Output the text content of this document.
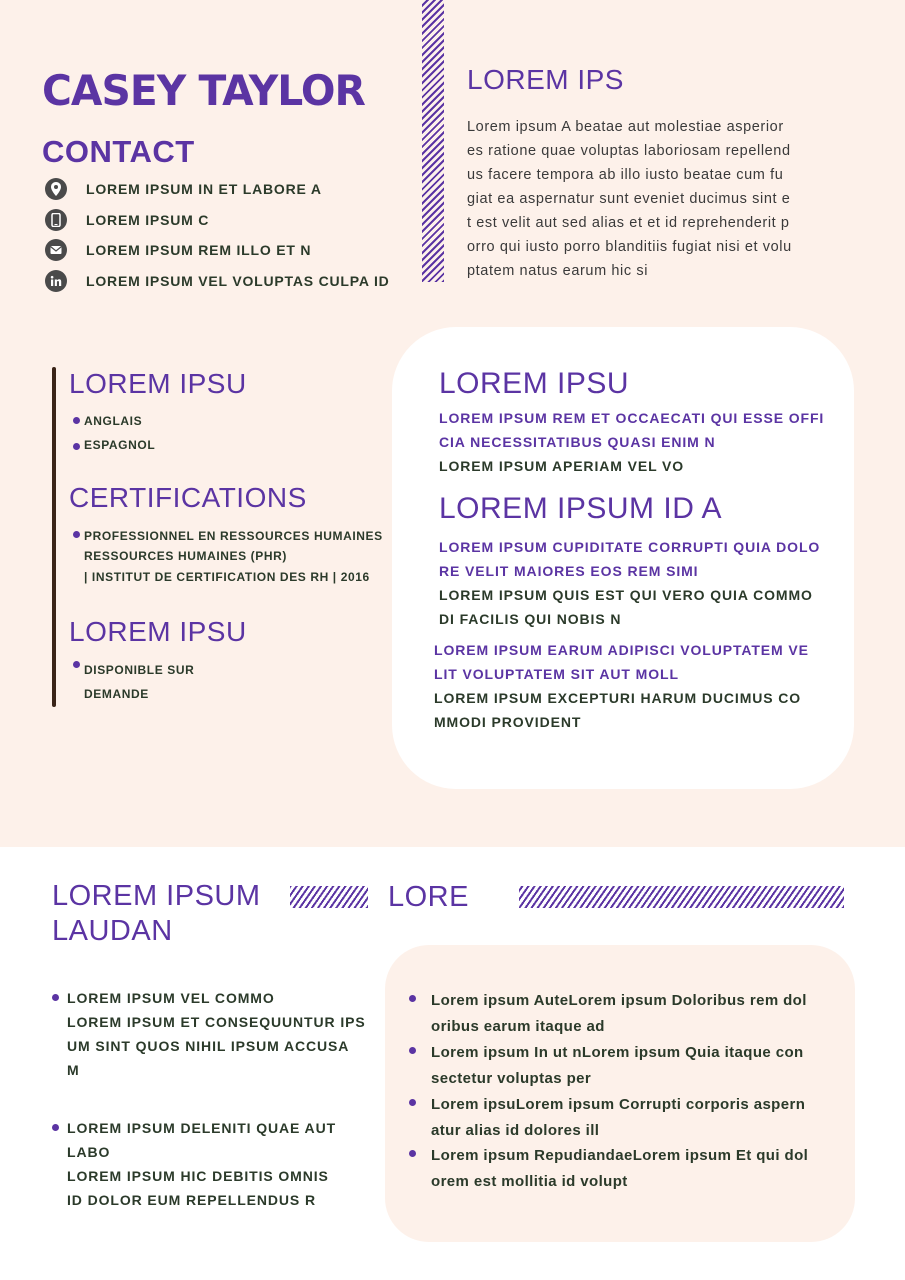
CASEY TAYLOR
CONTACT
LOREM IPSUM IN ET LABORE A
LOREM IPSUM C
LOREM IPSUM REM ILLO ET N
LOREM IPSUM VEL VOLUPTAS CULPA ID
LOREM IPS
Lorem ipsum A beatae aut molestiae asperior
es ratione quae voluptas laboriosam repellend
us facere tempora ab illo iusto beatae cum fu
giat ea aspernatur sunt eveniet ducimus sint e
t est velit aut sed alias et et id reprehenderit p
orro qui iusto porro blanditiis fugiat nisi et volu
ptatem natus earum hic si
LOREM IPSU
ANGLAIS
ESPAGNOL
CERTIFICATIONS
PROFESSIONNEL EN RESSOURCES HUMAINES
RESSOURCES HUMAINES (PHR)
| INSTITUT DE CERTIFICATION DES RH | 2016
LOREM IPSU
DISPONIBLE SUR
DEMANDE
LOREM IPSU
LOREM IPSUM REM ET OCCAECATI QUI ESSE OFFI
CIA NECESSITATIBUS QUASI ENIM N
LOREM IPSUM APERIAM VEL VO
LOREM IPSUM ID A
LOREM IPSUM CUPIDITATE CORRUPTI QUIA DOLO
RE VELIT MAIORES EOS REM SIMI
LOREM IPSUM QUIS EST QUI VERO QUIA COMMO
DI FACILIS QUI NOBIS N
LOREM IPSUM EARUM ADIPISCI VOLUPTATEM VE
LIT VOLUPTATEM SIT AUT MOLL
LOREM IPSUM EXCEPTURI HARUM DUCIMUS CO
MMODI PROVIDENT
LOREM IPSUM
LAUDAN
LORE
LOREM IPSUM VEL COMMO
LOREM IPSUM ET CONSEQUUNTUR IPS
UM SINT QUOS NIHIL IPSUM ACCUSA
M
LOREM IPSUM DELENITI QUAE AUT
LABO
LOREM IPSUM HIC DEBITIS OMNIS
ID DOLOR EUM REPELLENDUS R
Lorem ipsum AuteLorem ipsum Doloribus rem dol
oribus earum itaque ad
Lorem ipsum In ut nLorem ipsum Quia itaque con
sectetur voluptas per
Lorem ipsuLorem ipsum Corrupti corporis aspern
atur alias id dolores ill
Lorem ipsum RepudiandaeLorem ipsum Et qui dol
orem est mollitia id volupt
